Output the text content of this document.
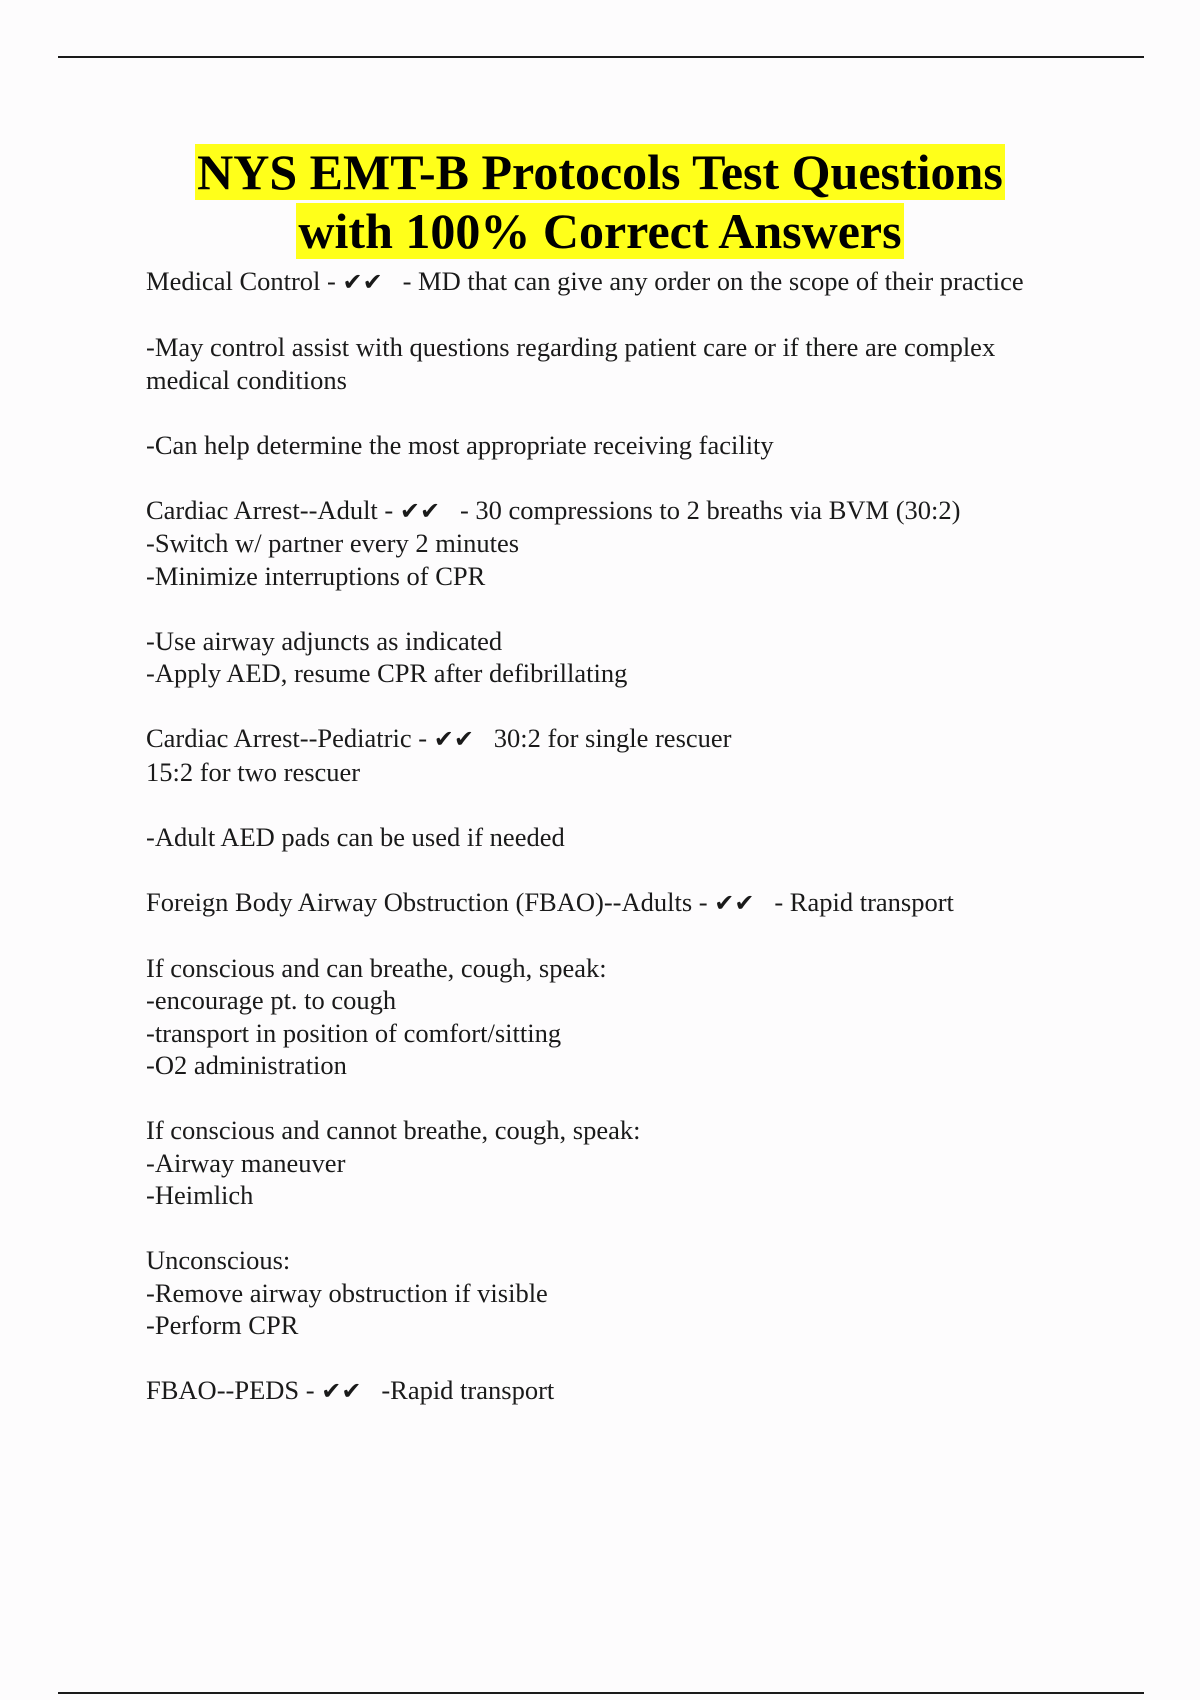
NYS EMT-B Protocols Test Questions
with 100% Correct Answers
Medical Control - ✔✔   - MD that can give any order on the scope of their practice
-May control assist with questions regarding patient care or if there are complex
medical conditions
-Can help determine the most appropriate receiving facility
Cardiac Arrest--Adult - ✔✔   - 30 compressions to 2 breaths via BVM (30:2)
-Switch w/ partner every 2 minutes
-Minimize interruptions of CPR
-Use airway adjuncts as indicated
-Apply AED, resume CPR after defibrillating
Cardiac Arrest--Pediatric - ✔✔   30:2 for single rescuer
15:2 for two rescuer
-Adult AED pads can be used if needed
Foreign Body Airway Obstruction (FBAO)--Adults - ✔✔   - Rapid transport
If conscious and can breathe, cough, speak:
-encourage pt. to cough
-transport in position of comfort/sitting
-O2 administration
If conscious and cannot breathe, cough, speak:
-Airway maneuver
-Heimlich
Unconscious:
-Remove airway obstruction if visible
-Perform CPR
FBAO--PEDS - ✔✔   -Rapid transport
